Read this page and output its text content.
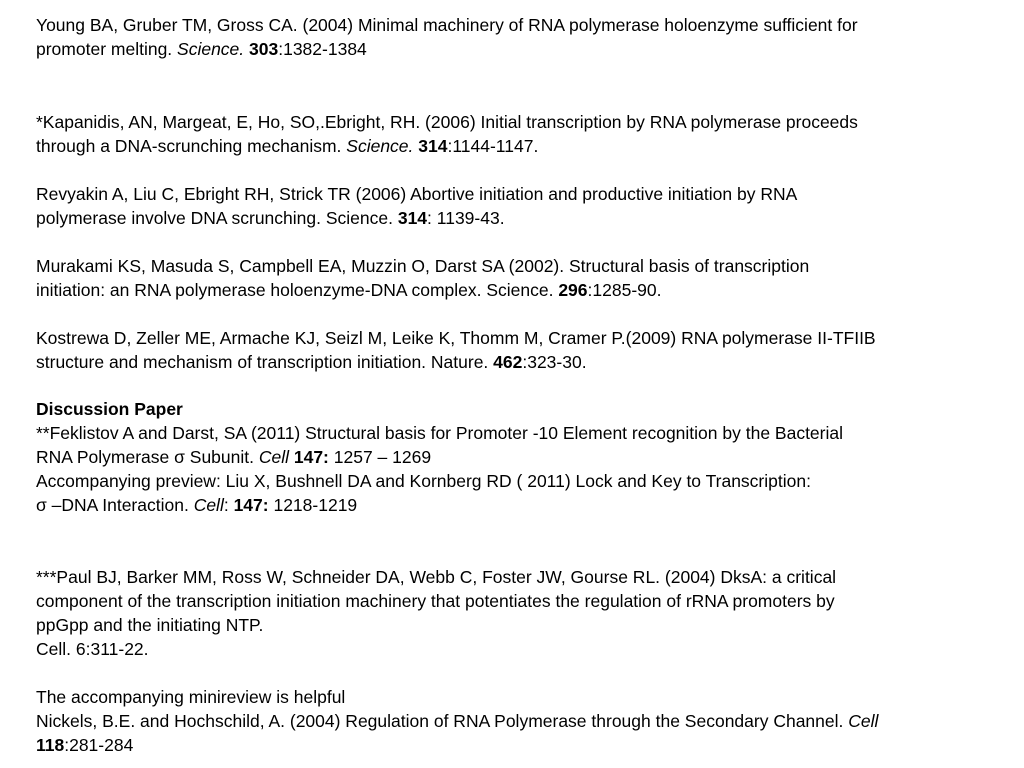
Young BA, Gruber TM, Gross CA. (2004) Minimal machinery of RNA polymerase holoenzyme sufficient for
promoter melting. Science. 303:1382-1384

*Kapanidis, AN, Margeat, E, Ho, SO,.Ebright, RH. (2006) Initial transcription by RNA polymerase proceeds
through a DNA-scrunching mechanism. Science. 314:1144-1147.

Revyakin A, Liu C, Ebright RH, Strick TR (2006) Abortive initiation and productive initiation by RNA
polymerase involve DNA scrunching. Science. 314: 1139-43.

Murakami KS, Masuda S, Campbell EA, Muzzin O, Darst SA (2002). Structural basis of transcription
initiation: an RNA polymerase holoenzyme-DNA complex. Science. 296:1285-90.

Kostrewa D, Zeller ME, Armache KJ, Seizl M, Leike K, Thomm M, Cramer P.(2009) RNA polymerase II-TFIIB
structure and mechanism of transcription initiation. Nature. 462:323-30.

Discussion Paper
**Feklistov A and Darst, SA (2011) Structural basis for Promoter -10 Element recognition by the Bacterial
RNA Polymerase σ Subunit. Cell 147: 1257 – 1269
Accompanying preview: Liu X, Bushnell DA and Kornberg RD ( 2011) Lock and Key to Transcription:
σ –DNA Interaction. Cell: 147: 1218-1219

***Paul BJ, Barker MM, Ross W, Schneider DA, Webb C, Foster JW, Gourse RL. (2004) DksA: a critical
component of the transcription initiation machinery that potentiates the regulation of rRNA promoters by
ppGpp and the initiating NTP.
Cell. 6:311-22.

The accompanying minireview is helpful
Nickels, B.E. and Hochschild, A. (2004) Regulation of RNA Polymerase through the Secondary Channel. Cell
118:281-284
